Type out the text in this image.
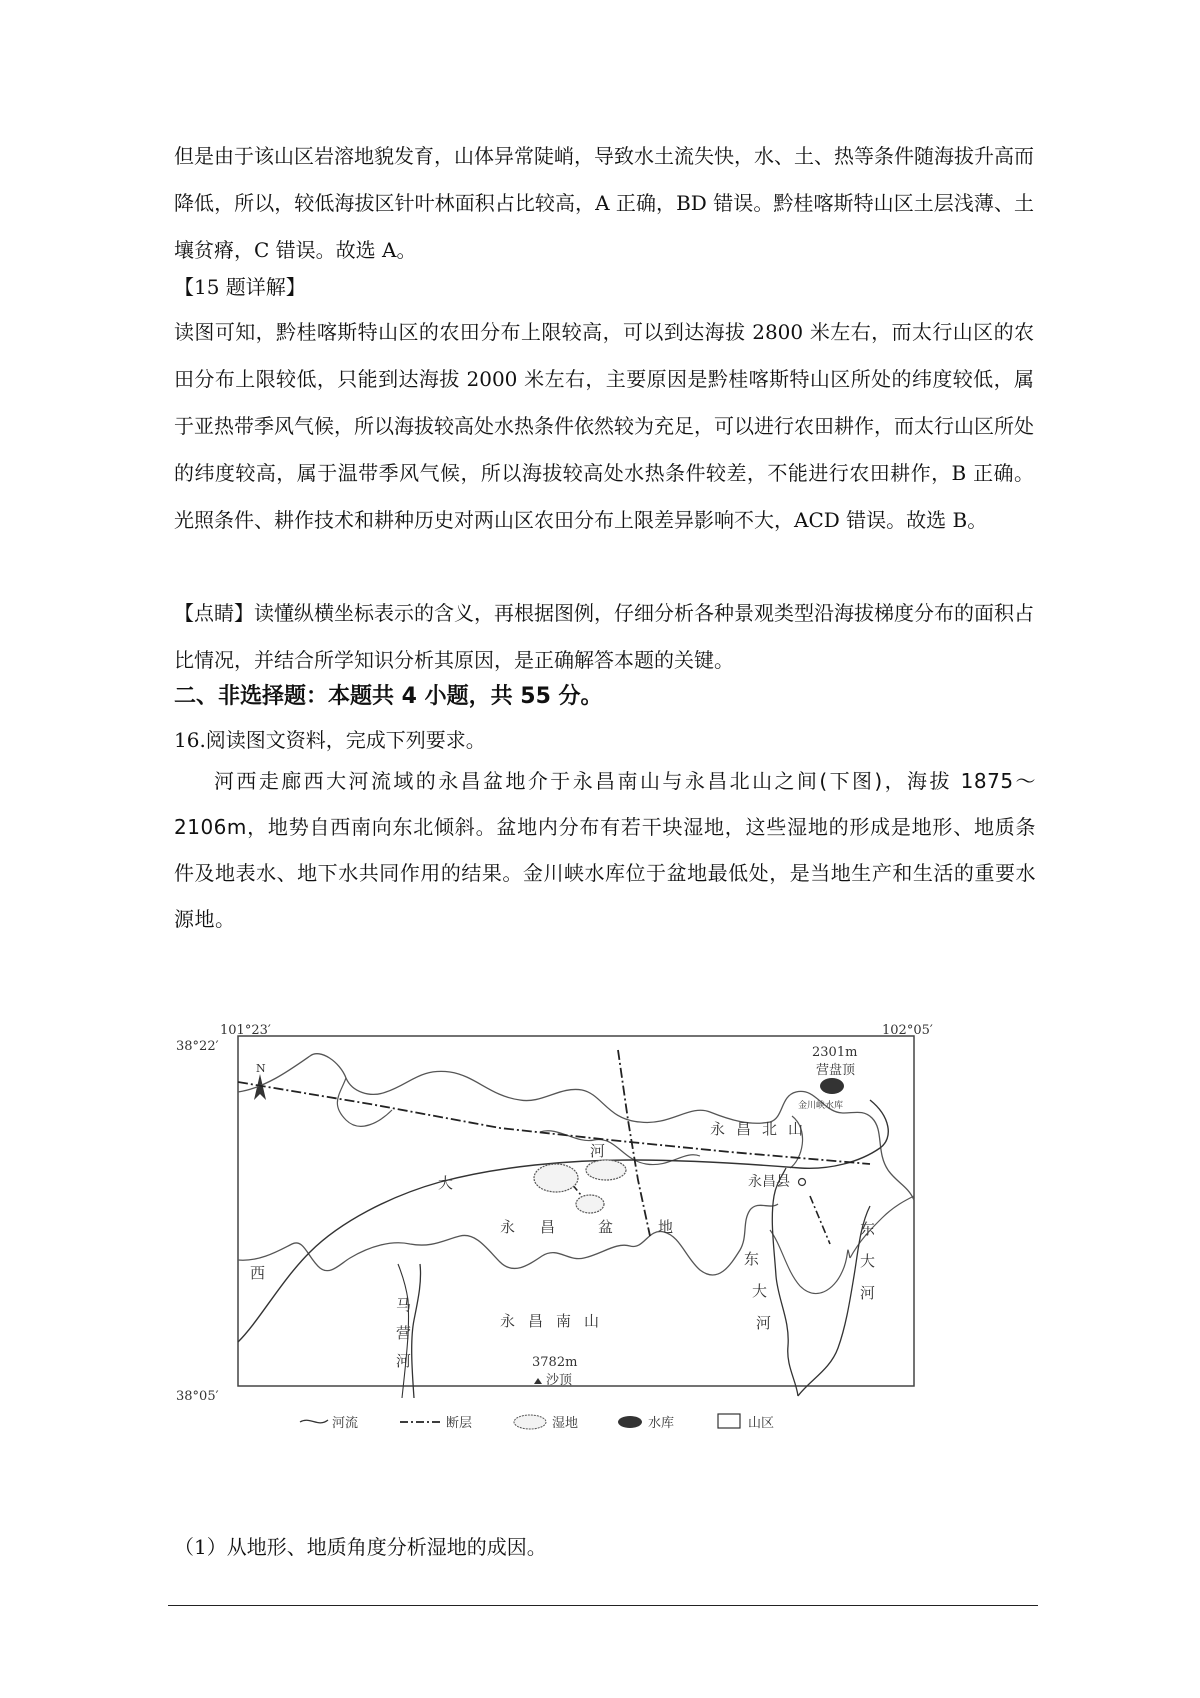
但是由于该山区岩溶地貌发育，山体异常陡峭，导致水土流失快，水、土、热等条件随海拔升高而降低，所以，较低海拔区针叶林面积占比较高，A 正确，BD 错误。黔桂喀斯特山区土层浅薄、土壤贫瘠，C 错误。故选 A。

【15 题详解】

读图可知，黔桂喀斯特山区的农田分布上限较高，可以到达海拔 2800 米左右，而太行山区的农田分布上限较低，只能到达海拔 2000 米左右，主要原因是黔桂喀斯特山区所处的纬度较低，属于亚热带季风气候，所以海拔较高处水热条件依然较为充足，可以进行农田耕作，而太行山区所处的纬度较高，属于温带季风气候，所以海拔较高处水热条件较差，不能进行农田耕作，B 正确。光照条件、耕作技术和耕种历史对两山区农田分布上限差异影响不大，ACD 错误。故选 B。

【点睛】读懂纵横坐标表示的含义，再根据图例，仔细分析各种景观类型沿海拔梯度分布的面积占比情况，并结合所学知识分析其原因，是正确解答本题的关键。

二、非选择题：本题共 4 小题，共 55 分。
16.阅读图文资料，完成下列要求。

河西走廊西大河流域的永昌盆地介于永昌南山与永昌北山之间(下图)，海拔 1875～2106m，地势自西南向东北倾斜。盆地内分布有若干块湿地，这些湿地的形成是地形、地质条件及地表水、地下水共同作用的结果。金川峡水库位于盆地最低处，是当地生产和生活的重要水源地。

101°23′	102°05′
38°22′
38°05′
N
2301m
营盘顶
金川峡水库
永 昌 北 山
河
永昌县
大
西
永 昌	盆	地
永 昌 南 山
马
营
河	3782m
沙顶
东
大
河
东
大
河
河流	断层	湿地	水库	山区
（1）从地形、地质角度分析湿地的成因。
